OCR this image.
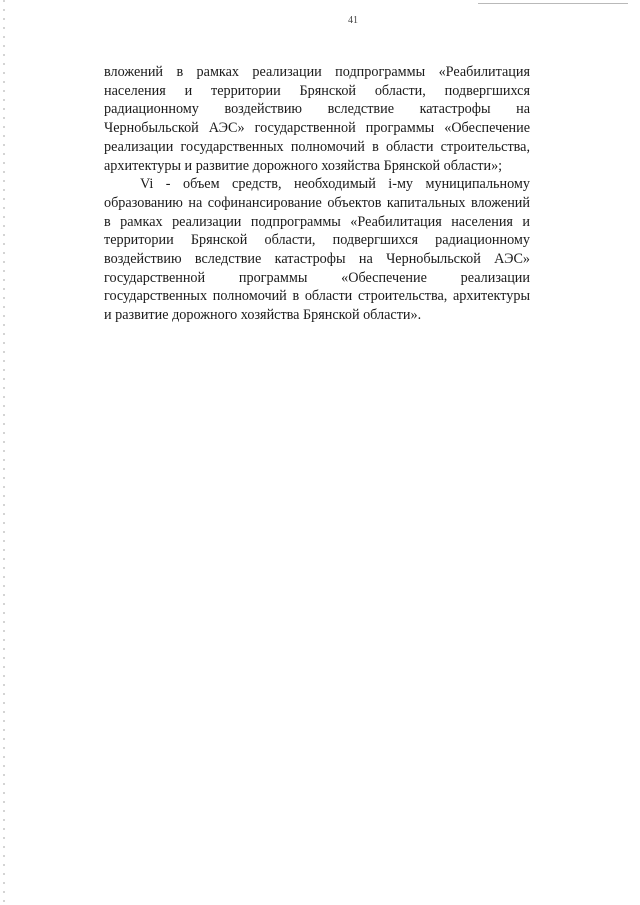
41

вложений в рамках реализации подпрограммы «Реабилитация населения и территории Брянской области, подвергшихся радиационному воздействию вследствие катастрофы на Чернобыльской АЭС» государственной программы «Обеспечение реализации государственных полномочий в области строительства, архитектуры и развитие дорожного хозяйства Брянской области»;

Vi - объем средств, необходимый i-му муниципальному образованию на софинансирование объектов капитальных вложений в рамках реализации подпрограммы «Реабилитация населения и территории Брянской области, подвергшихся радиационному воздействию вследствие катастрофы на Чернобыльской АЭС» государственной программы «Обеспечение реализации государственных полномочий в области строительства, архитектуры и развитие дорожного хозяйства Брянской области».
